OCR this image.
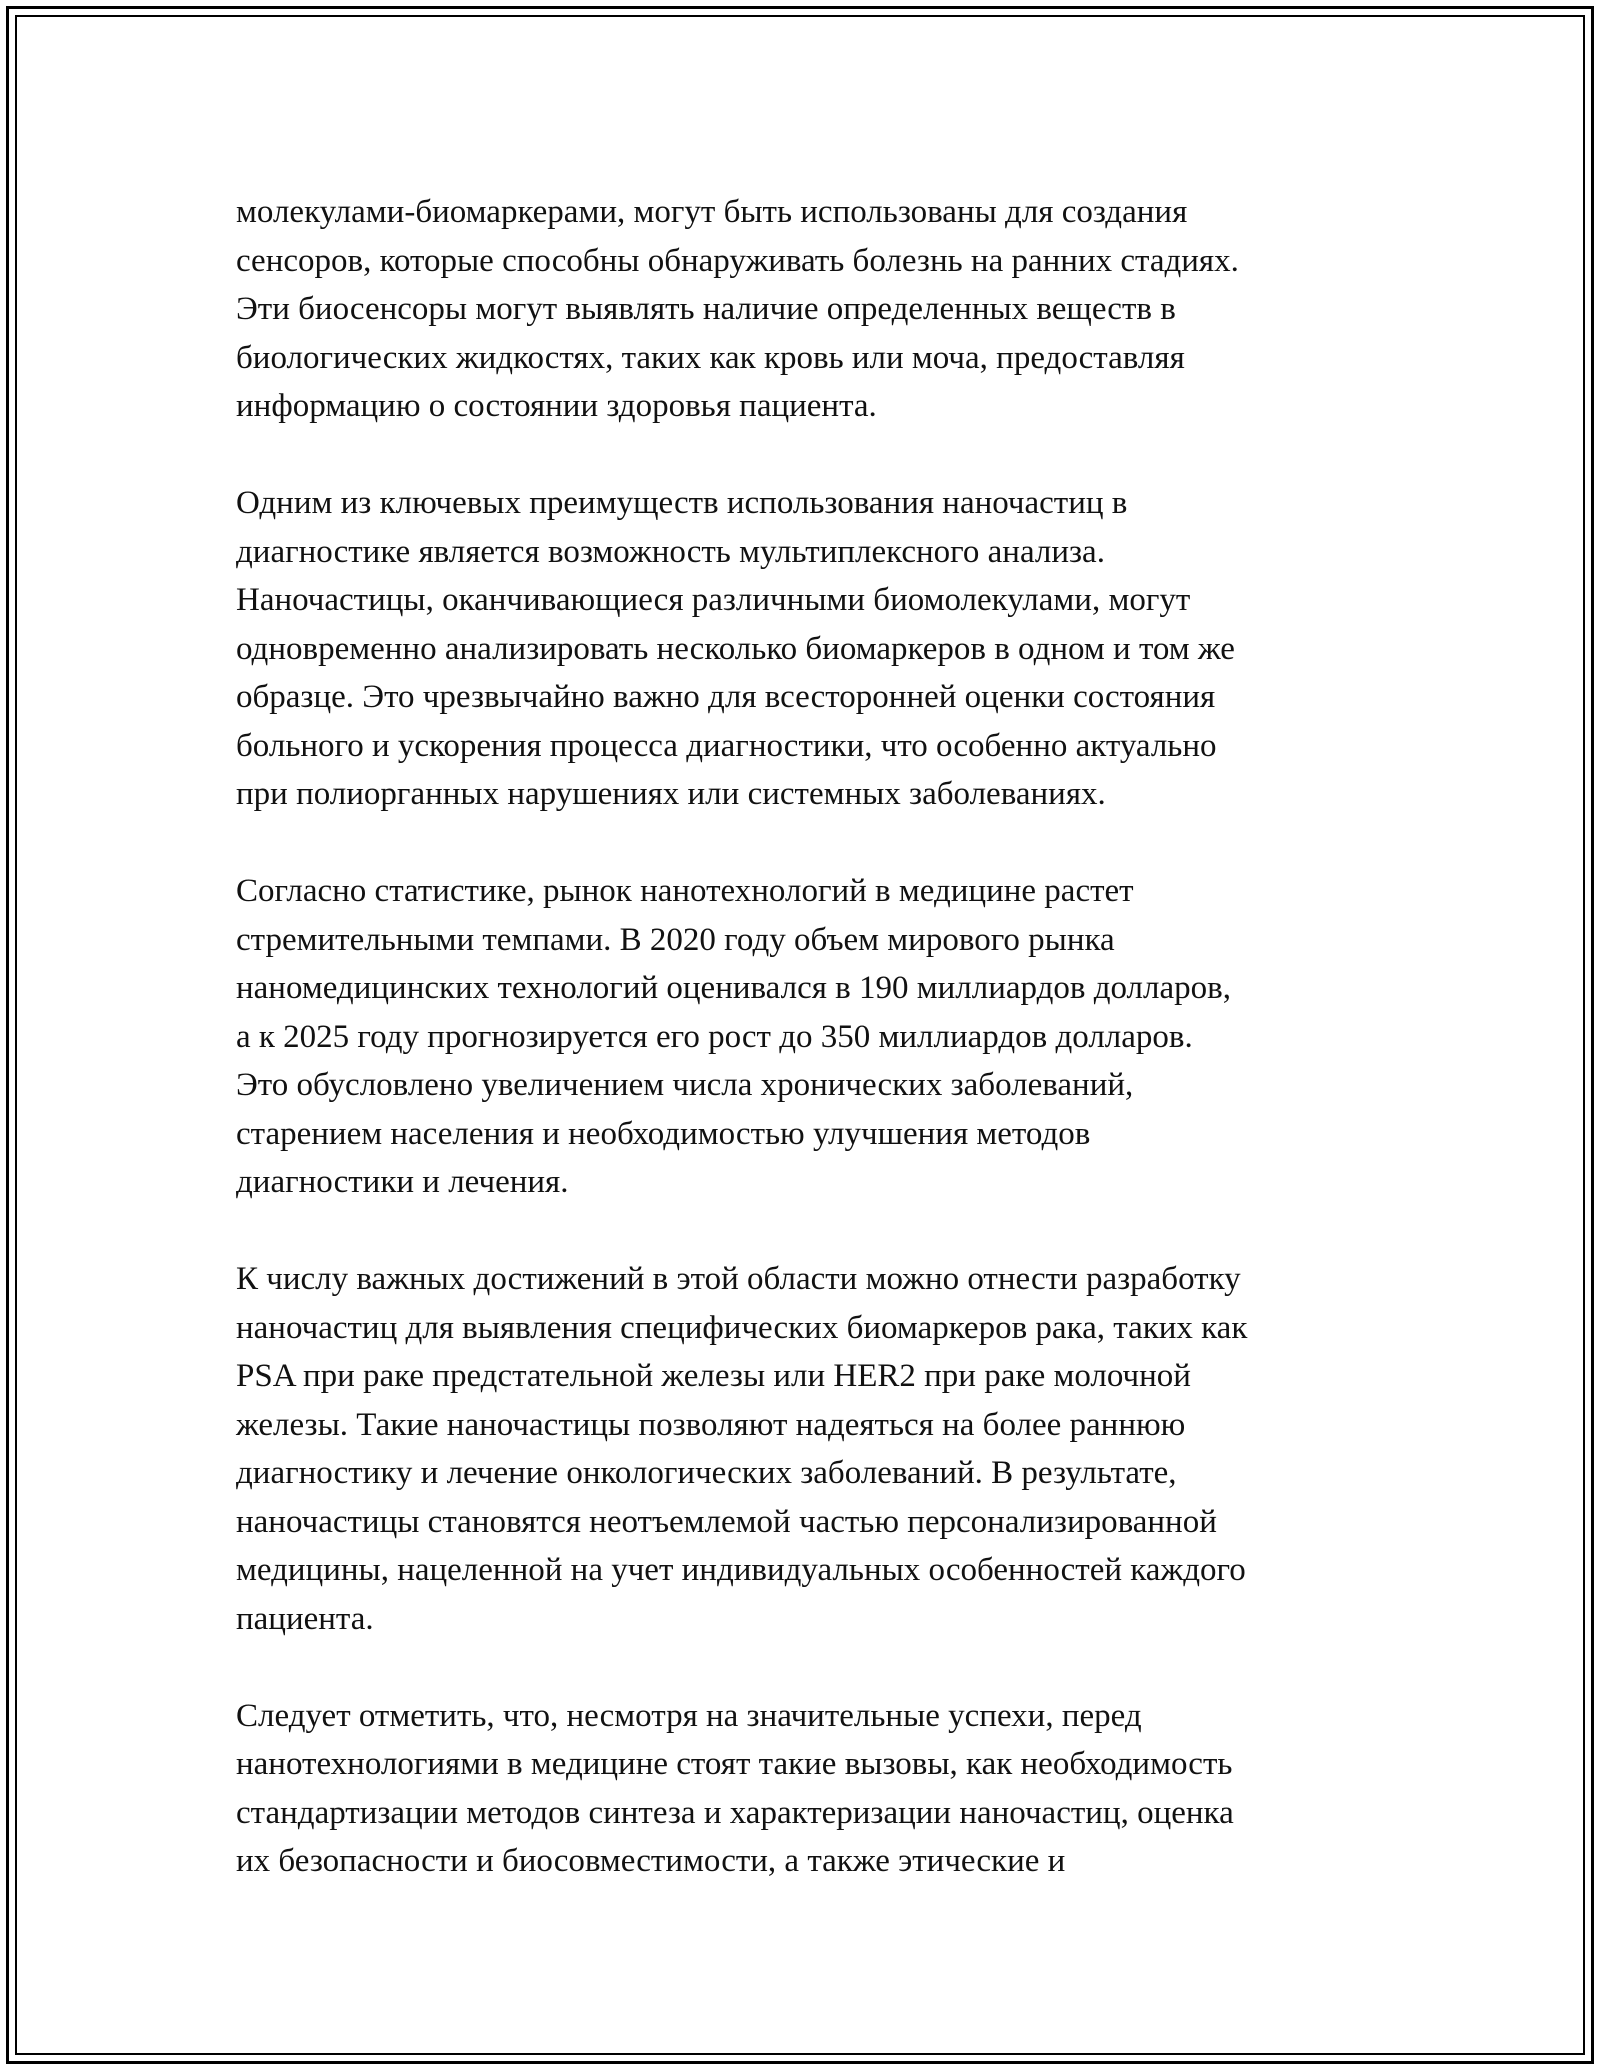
молекулами-биомаркерами, могут быть использованы для создания
сенсоров, которые способны обнаруживать болезнь на ранних стадиях.
Эти биосенсоры могут выявлять наличие определенных веществ в
биологических жидкостях, таких как кровь или моча, предоставляя
информацию о состоянии здоровья пациента.

Одним из ключевых преимуществ использования наночастиц в
диагностике является возможность мультиплексного анализа.
Наночастицы, оканчивающиеся различными биомолекулами, могут
одновременно анализировать несколько биомаркеров в одном и том же
образце. Это чрезвычайно важно для всесторонней оценки состояния
больного и ускорения процесса диагностики, что особенно актуально
при полиорганных нарушениях или системных заболеваниях.

Согласно статистике, рынок нанотехнологий в медицине растет
стремительными темпами. В 2020 году объем мирового рынка
наномедицинских технологий оценивался в 190 миллиардов долларов,
а к 2025 году прогнозируется его рост до 350 миллиардов долларов.
Это обусловлено увеличением числа хронических заболеваний,
старением населения и необходимостью улучшения методов
диагностики и лечения.

К числу важных достижений в этой области можно отнести разработку
наночастиц для выявления специфических биомаркеров рака, таких как
PSA при раке предстательной железы или HER2 при раке молочной
железы. Такие наночастицы позволяют надеяться на более раннюю
диагностику и лечение онкологических заболеваний. В результате,
наночастицы становятся неотъемлемой частью персонализированной
медицины, нацеленной на учет индивидуальных особенностей каждого
пациента.

Следует отметить, что, несмотря на значительные успехи, перед
нанотехнологиями в медицине стоят такие вызовы, как необходимость
стандартизации методов синтеза и характеризации наночастиц, оценка
их безопасности и биосовместимости, а также этические и
